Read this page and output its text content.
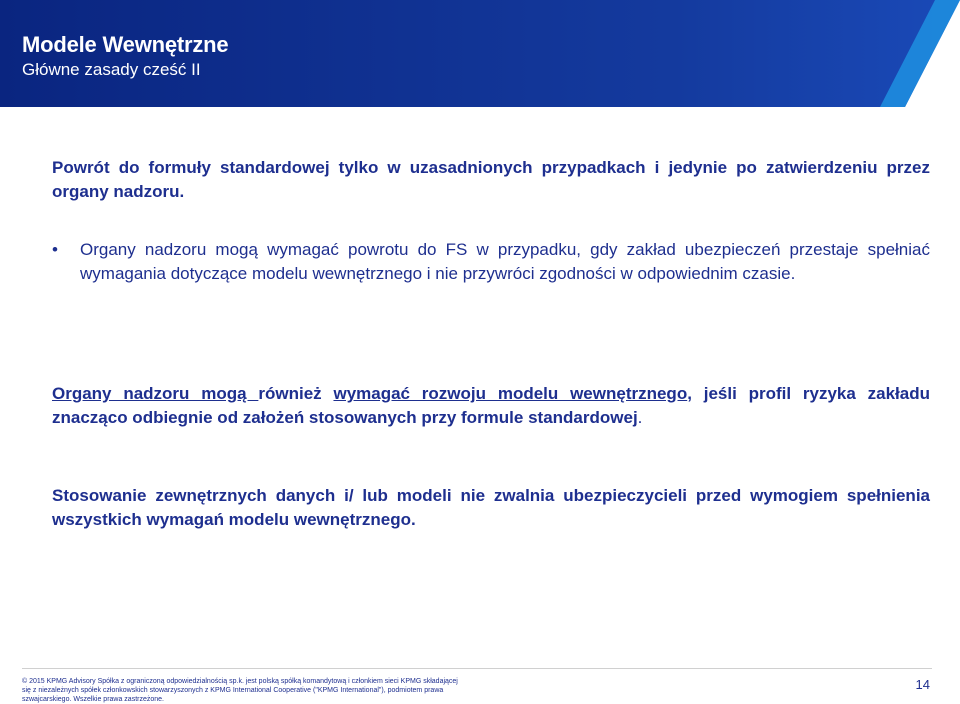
Modele Wewnętrzne
Główne zasady cześć II
Powrót do formuły standardowej tylko w uzasadnionych przypadkach i jedynie po zatwierdzeniu przez organy nadzoru.
• Organy nadzoru mogą wymagać powrotu do FS w przypadku, gdy zakład ubezpieczeń przestaje spełniać wymagania dotyczące modelu wewnętrznego i nie przywróci zgodności w odpowiednim czasie.
Organy nadzoru mogą również wymagać rozwoju modelu wewnętrznego, jeśli profil ryzyka zakładu znacząco odbiegnie od założeń stosowanych przy formule standardowej.
Stosowanie zewnętrznych danych i/ lub modeli nie zwalnia ubezpieczycieli przed wymogiem spełnienia wszystkich wymagań modelu wewnętrznego.
© 2015 KPMG Advisory Spółka z ograniczoną odpowiedzialnością sp.k. jest polską spółką komandytową i członkiem sieci KPMG składającej się z niezależnych spółek członkowskich stowarzyszonych z KPMG International Cooperative ("KPMG International"), podmiotem prawa szwajcarskiego. Wszelkie prawa zastrzeżone.
14
